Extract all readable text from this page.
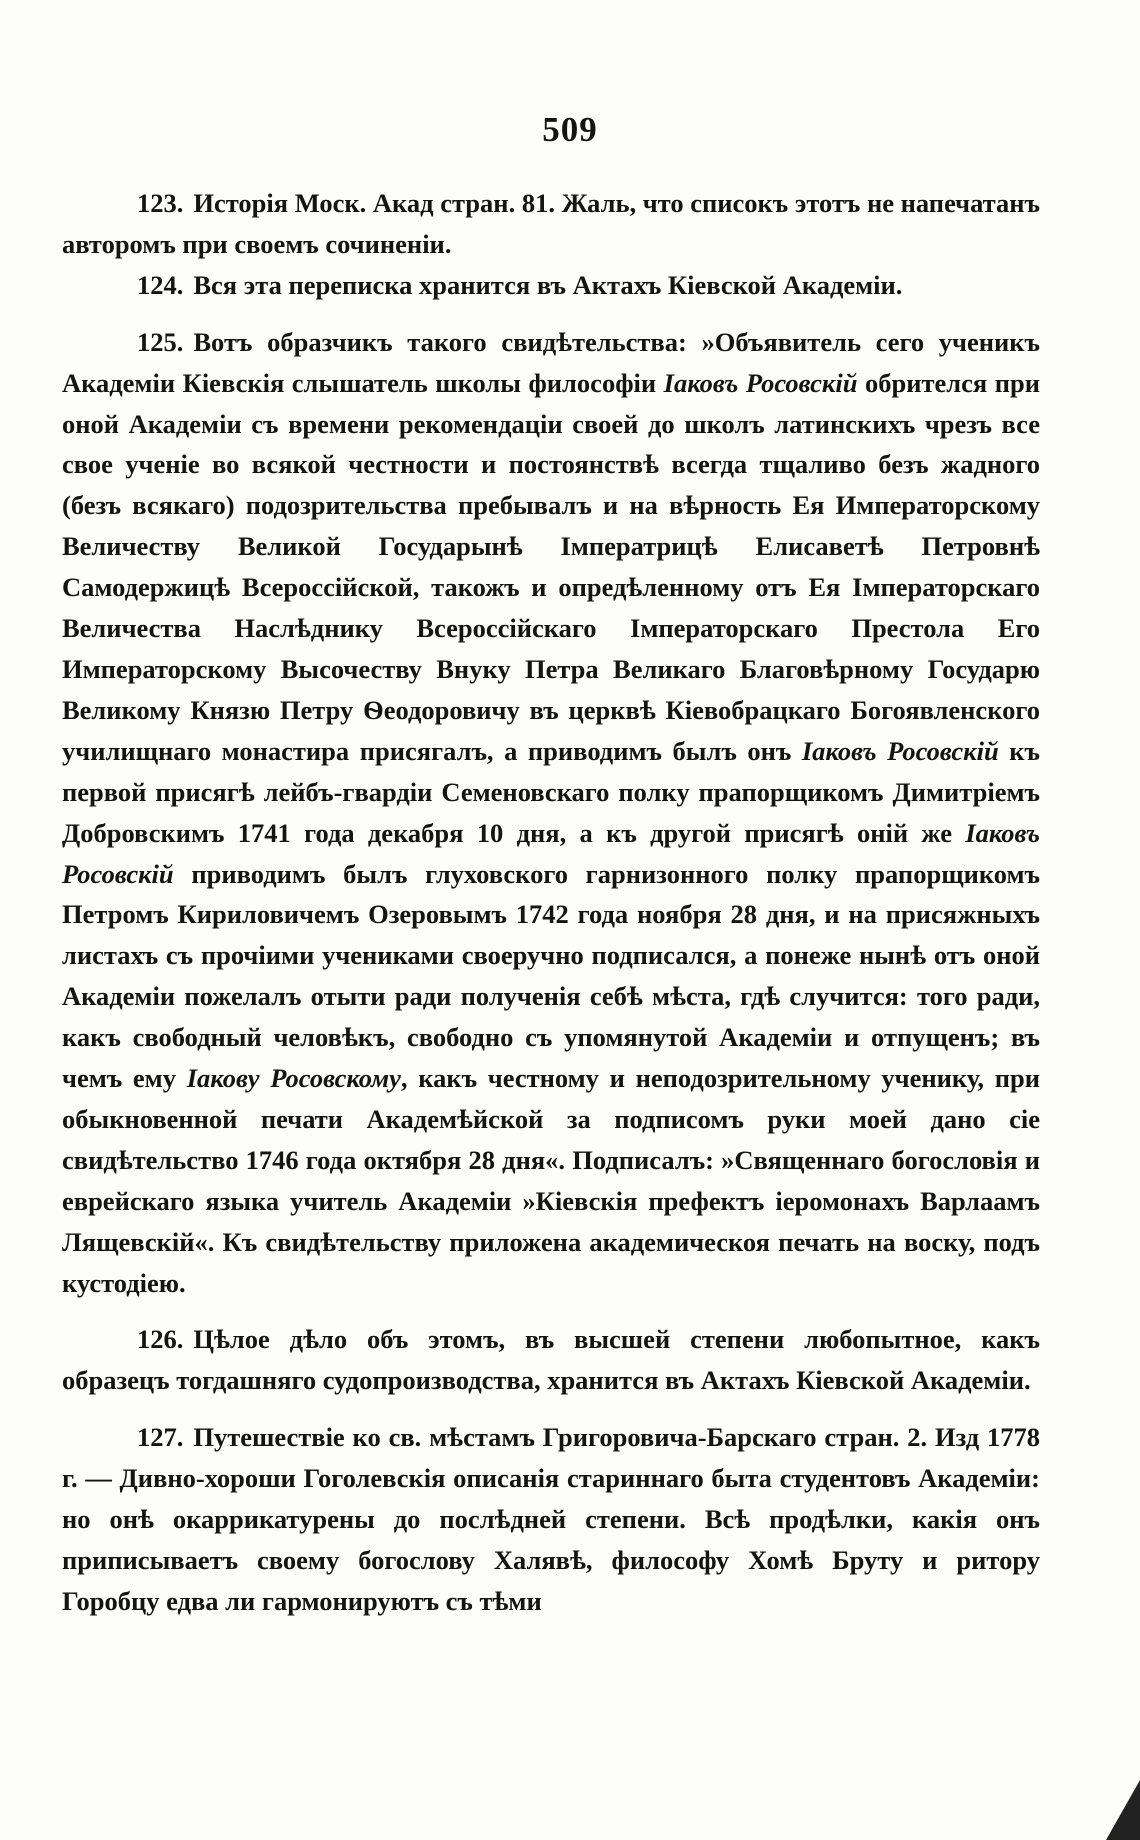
509

123. Исторія Моск. Акад стран. 81. Жаль, что списокъ этотъ не напечатанъ авторомъ при своемъ сочиненіи.

124. Вся эта переписка хранится въ Актахъ Кіевской Академіи.

125. Вотъ образчикъ такого свидѣтельства: »Объявитель сего ученикъ Академіи Кіевскія слышатель школы философіи Іаковъ Росовскій обрителся при оной Академіи съ времени рекомендаціи своей до школъ латинскихъ чрезъ все свое ученіе во всякой честности и постоянствѣ всегда тщаливо безъ жадного (безъ всякаго) подозрительства пребывалъ и на вѣрность Ея Императорскому Величеству Великой Государынѣ Імператрицѣ Елисаветѣ Петровнѣ Самодержицѣ Всероссійской, такожъ и опредѣленному отъ Ея Імператорскаго Величества Наслѣднику Всероссійскаго Імператорскаго Престола Его Императорскому Высочеству Внуку Петра Великаго Благовѣрному Государю Великому Князю Петру Ѳеодоровичу въ церквѣ Кіевобрацкаго Богоявленского училищнаго монастира присягалъ, а приводимъ былъ онъ Іаковъ Росовскій къ первой присягѣ лейбъ-гвардіи Семеновскаго полку прапорщикомъ Димитріемъ Добровскимъ 1741 года декабря 10 дня, а къ другой присягѣ оній же Іаковъ Росовскій приводимъ былъ глуховского гарнизонного полку прапорщикомъ Петромъ Кириловичемъ Озеровымъ 1742 года ноября 28 дня, и на присяжныхъ листахъ съ прочіими учениками своеручно подписался, а понеже нынѣ отъ оной Академіи пожелалъ отыти ради полученія себѣ мѣста, гдѣ случится: того ради, какъ свободный человѣкъ, свободно съ упомянутой Академіи и отпущенъ; въ чемъ ему Іакову Росовскому, какъ честному и неподозрительному ученику, при обыкновенной печати Академѣйской за подписомъ руки моей дано сіе свидѣтельство 1746 года октября 28 дня«. Подписалъ: »Священнаго богословія и еврейскаго языка учитель Академіи »Кіевскія префектъ іеромонахъ Варлаамъ Лящевскій«. Къ свидѣтельству приложена академическоя печать на воску, подъ кустодіею.

126. Цѣлое дѣло объ этомъ, въ высшей степени любопытное, какъ образецъ тогдашняго судопроизводства, хранится въ Актахъ Кіевской Академіи.

127. Путешествіе ко св. мѣстамъ Григоровича-Барскаго стран. 2. Изд 1778 г. — Дивно-хороши Гоголевскія описанія стариннаго быта студентовъ Академіи: но онѣ окаррикатурены до послѣдней степени. Всѣ продѣлки, какія онъ приписываетъ своему богослову Халявѣ, философу Хомѣ Бруту и ритору Горобцу едва ли гармонируютъ съ тѣми
